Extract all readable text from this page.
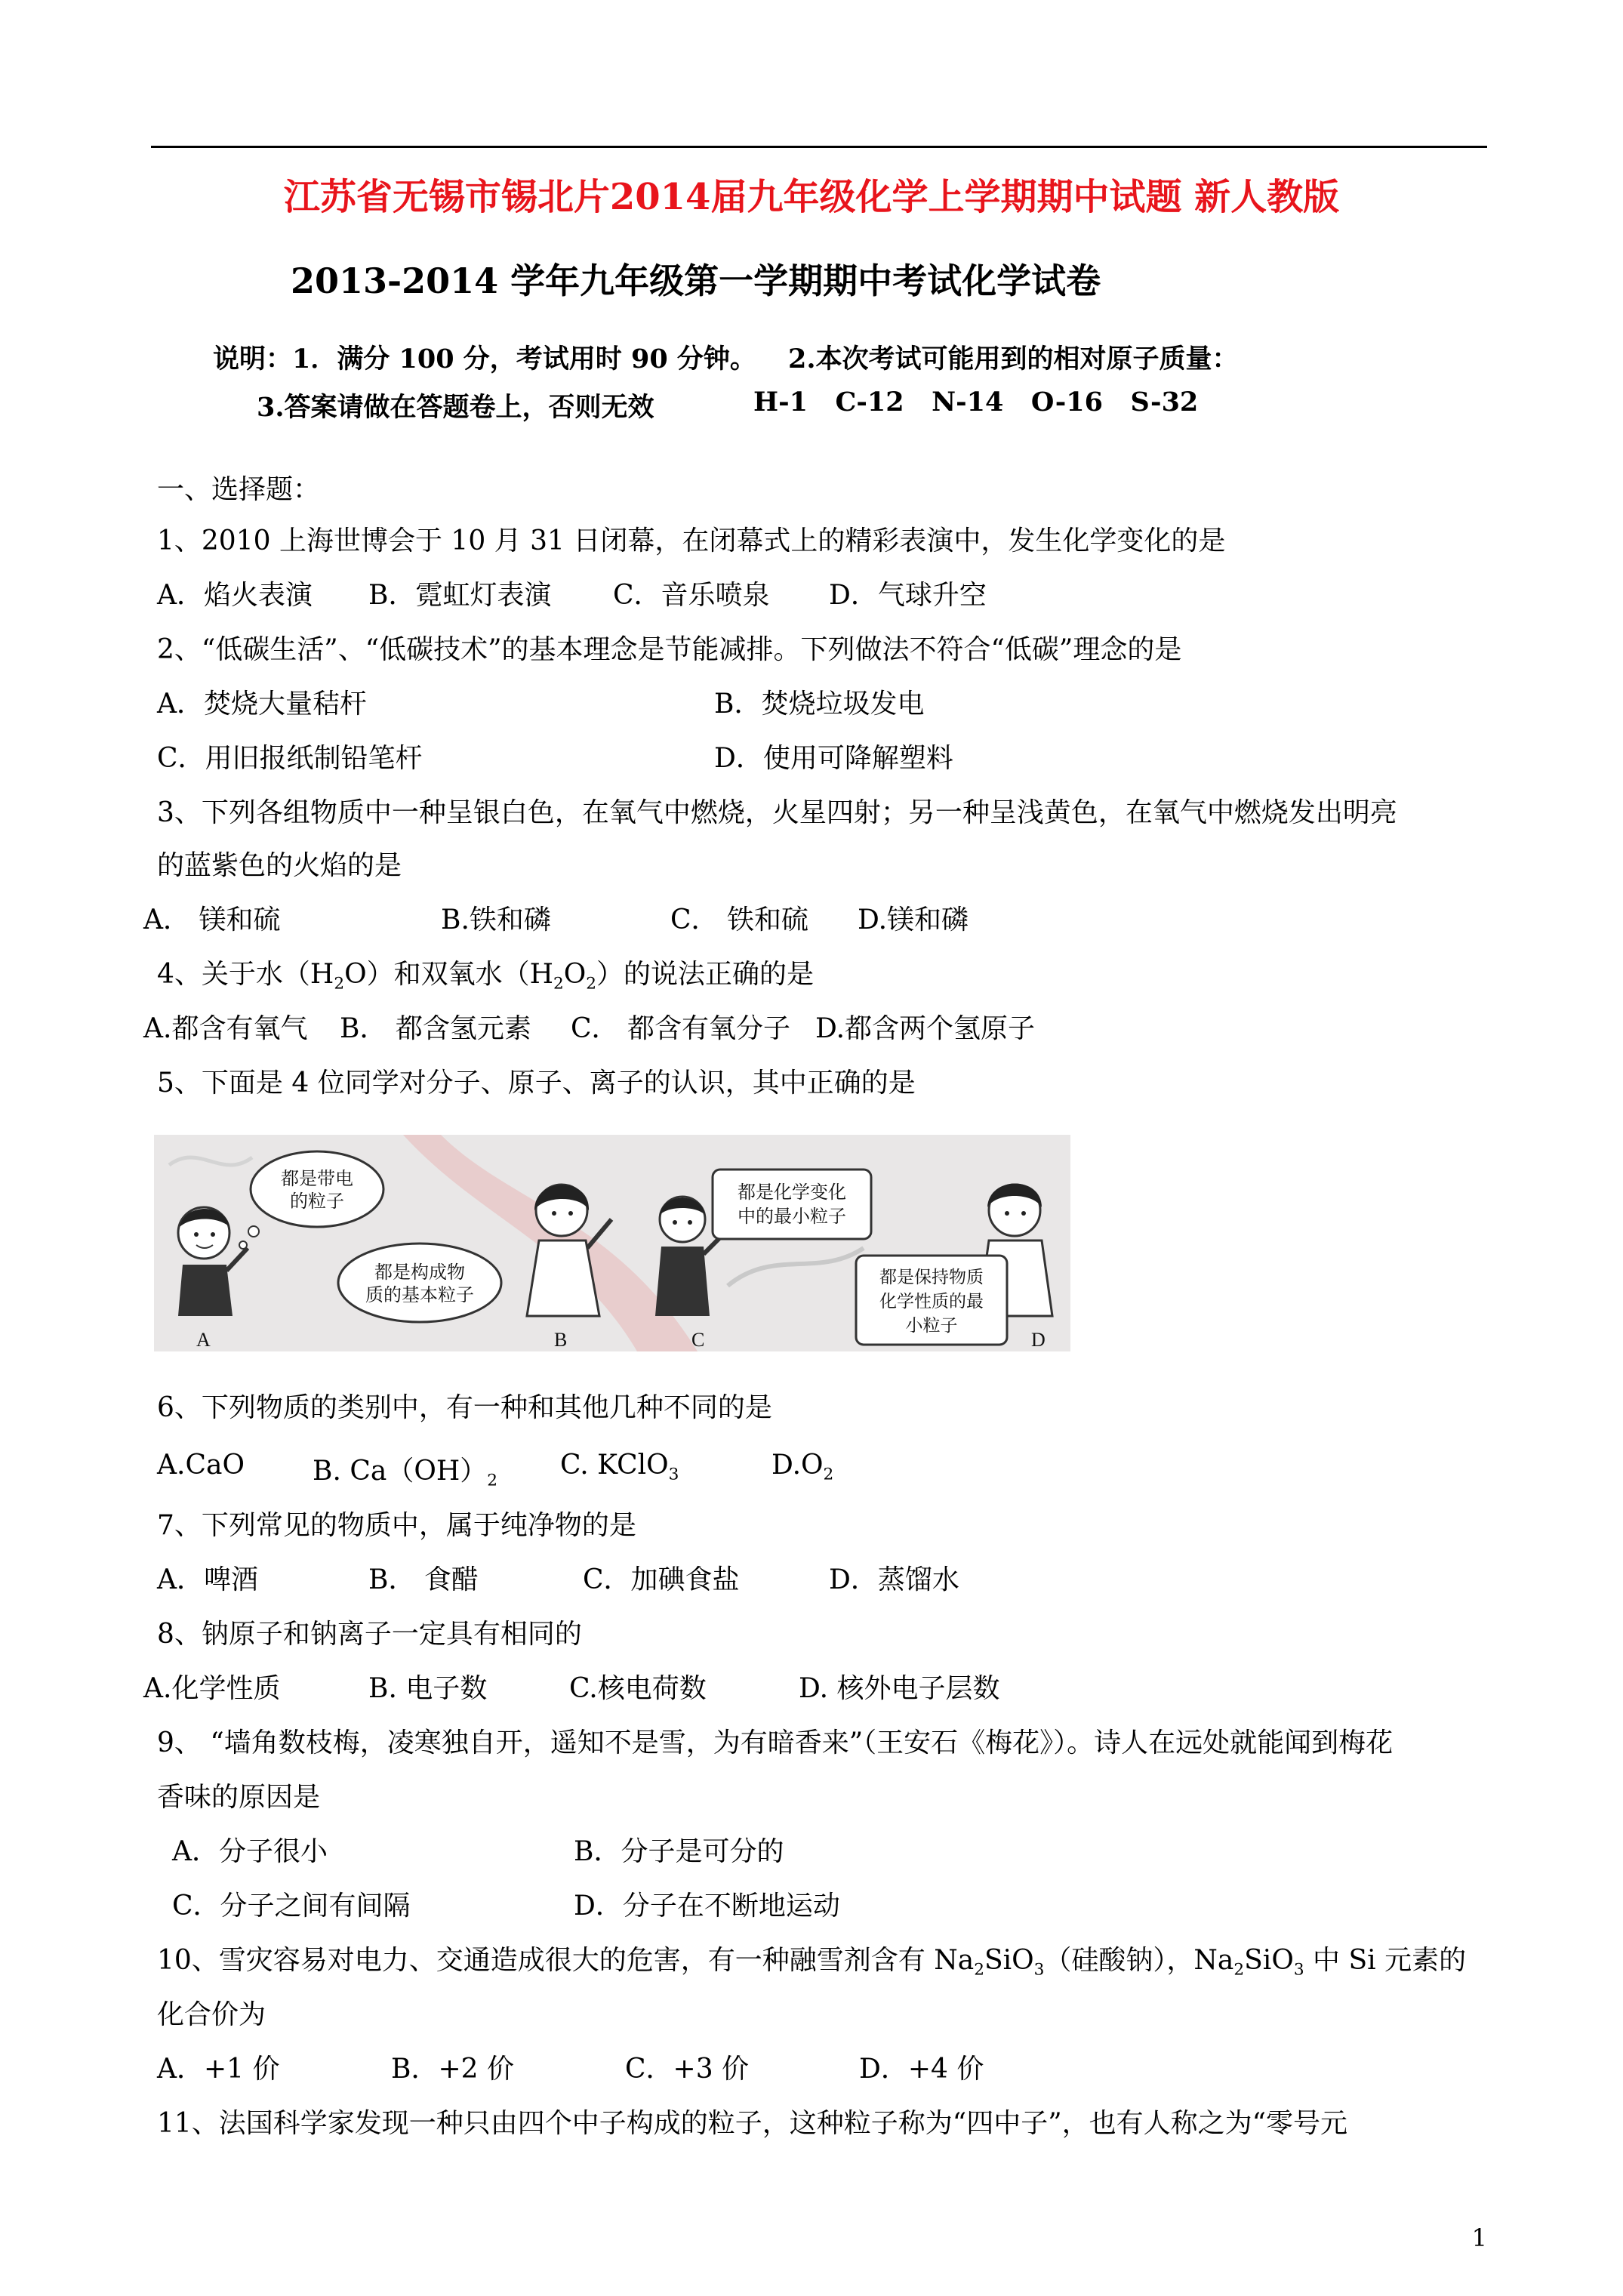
江苏省无锡市锡北片2014届九年级化学上学期期中试题 新人教版
2013-2014 学年九年级第一学期期中考试化学试卷
说明：1．满分 100 分，考试用时 90 分钟。 2.本次考试可能用到的相对原子质量：
3.答案请做在答题卷上，否则无效	H-1   C-12   N-14   O-16   S-32
一、选择题：
1、2010 上海世博会于 10 月 31 日闭幕，在闭幕式上的精彩表演中，发生化学变化的是
A．焰火表演 B．霓虹灯表演 C．音乐喷泉 D．气球升空
2、“低碳生活”、“低碳技术”的基本理念是节能减排。下列做法不符合“低碳”理念的是
A．焚烧大量秸杆	B．焚烧垃圾发电
C．用旧报纸制铅笔杆	D．使用可降解塑料
3、下列各组物质中一种呈银白色，在氧气中燃烧，火星四射；另一种呈浅黄色，在氧气中燃烧发出明亮
的蓝紫色的火焰的是
A． 镁和硫	B.铁和磷	C． 铁和硫 D.镁和磷
4、关于水$(H_2O)$和双氧水$(H_2O_2)$的说法正确的是
A.都含有氧气 B． 都含氢元素 C． 都含有氧分子 D.都含两个氢原子
5、下面是 4 位同学对分子、原子、离子的认识，其中正确的是
都是带电
的粒子
都是构成物
质的基本粒子
都是化学变化
中的最小粒子
都是保持物质
化学性质的最
小粒子
A	B	C	D
6、下列物质的类别中，有一种和其他几种不同的是
A.CaO	B. $Ca(OH)_2$
C. KClO$_3$	$D.O_2$
7、下列常见的物质中，属于纯净物的是
A．啤酒	B． 食醋	C．加碘食盐	D．蒸馏水
8、钠原子和钠离子一定具有相同的
A.化学性质	B. 电子数	C.核电荷数	D. 核外电子层数
9、 “墙角数枝梅，凌寒独自开，遥知不是雪，为有暗香来”（王安石《梅花》）。诗人在远处就能闻到梅花
香味的原因是
A．分子很小	B．分子是可分的
C．分子之间有间隔	D．分子在不断地运动
10、雪灾容易对电力、交通造成很大的危害，有一种融雪剂含有 $Na_2SiO_3$（硅酸钠），$Na_2SiO_3$ 中 Si 元素的
化合价为
A．+1 价	B．+2 价	C．+3 价	D．+4 价
11、法国科学家发现一种只由四个中子构成的粒子，这种粒子称为“四中子”，也有人称之为“零号元
1
